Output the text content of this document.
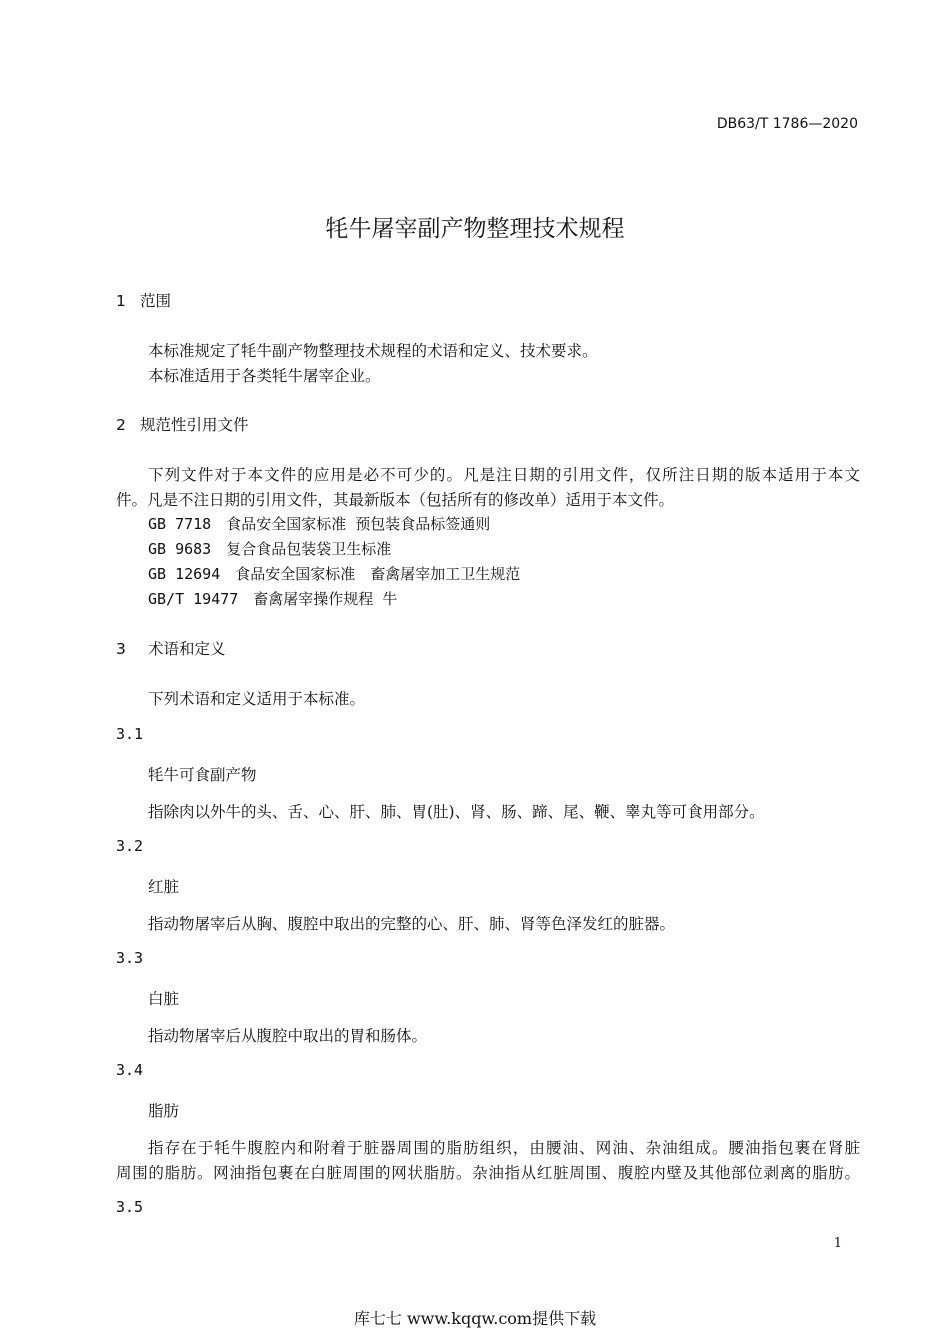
DB63/T 1786—2020
牦牛屠宰副产物整理技术规程
1 范围
本标准规定了牦牛副产物整理技术规程的术语和定义、技术要求。
本标准适用于各类牦牛屠宰企业。
2 规范性引用文件
下列文件对于本文件的应用是必不可少的。凡是注日期的引用文件，仅所注日期的版本适用于本文
件。凡是不注日期的引用文件，其最新版本（包括所有的修改单）适用于本文件。
GB 7718　食品安全国家标准 预包装食品标签通则
GB 9683　复合食品包装袋卫生标准
GB 12694　食品安全国家标准　畜禽屠宰加工卫生规范
GB/T 19477　畜禽屠宰操作规程 牛
3 术语和定义
下列术语和定义适用于本标准。
3.1
牦牛可食副产物
指除肉以外牛的头、舌、心、肝、肺、胃(肚)、肾、肠、蹄、尾、鞭、睾丸等可食用部分。
3.2
红脏
指动物屠宰后从胸、腹腔中取出的完整的心、肝、肺、肾等色泽发红的脏器。
3.3
白脏
指动物屠宰后从腹腔中取出的胃和肠体。
3.4
脂肪
指存在于牦牛腹腔内和附着于脏器周围的脂肪组织，由腰油、网油、杂油组成。腰油指包裹在肾脏
周围的脂肪。网油指包裹在白脏周围的网状脂肪。杂油指从红脏周围、腹腔内壁及其他部位剥离的脂肪。
3.5
1
库七七 www.kqqw.com提供下载
